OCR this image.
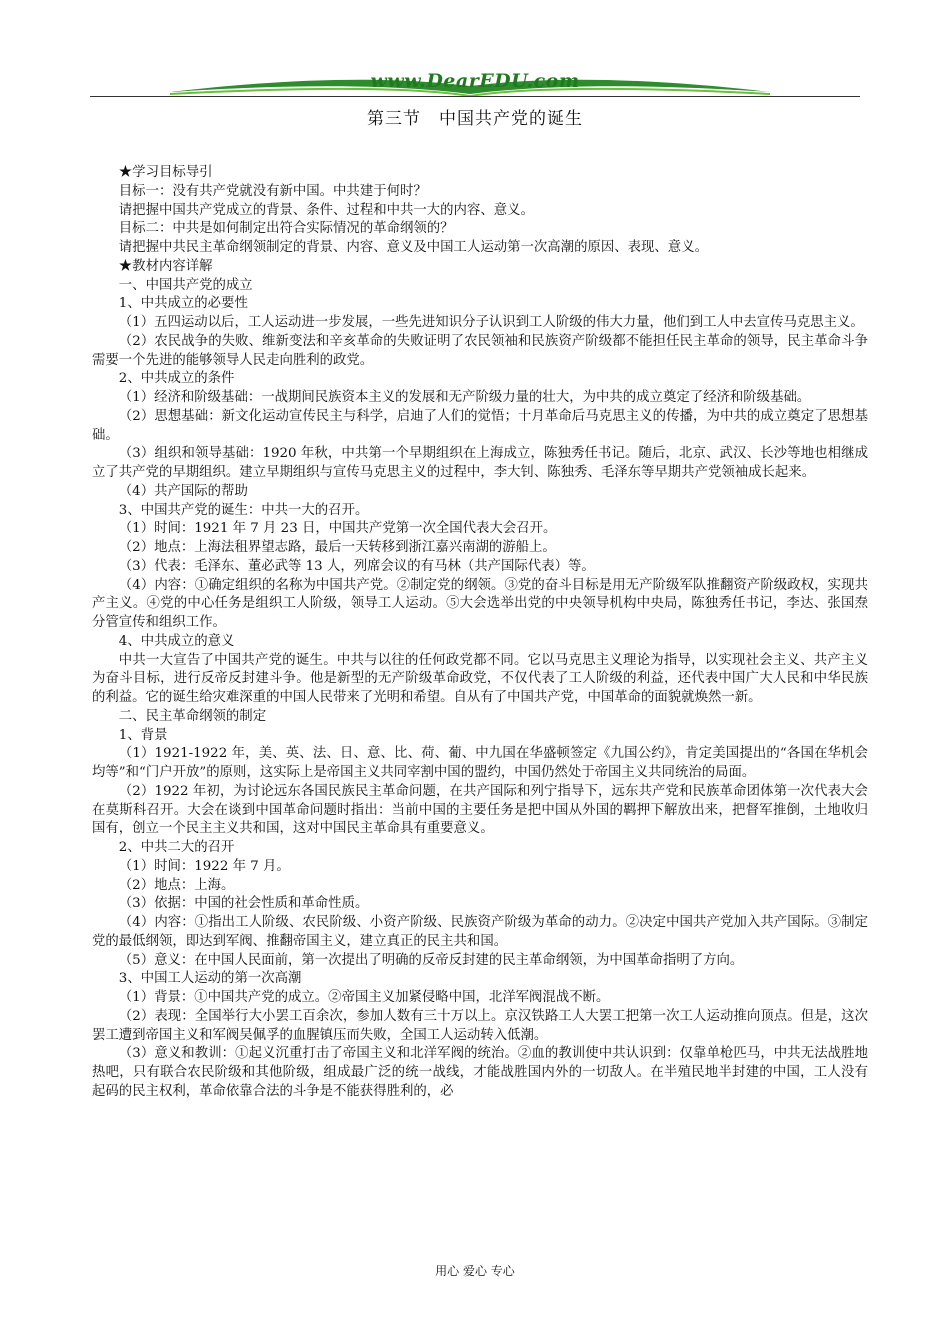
www.DearEDU.com
第三节　中国共产党的诞生

★学习目标导引

目标一：没有共产党就没有新中国。中共建于何时？

请把握中国共产党成立的背景、条件、过程和中共一大的内容、意义。

目标二：中共是如何制定出符合实际情况的革命纲领的？

请把握中共民主革命纲领制定的背景、内容、意义及中国工人运动第一次高潮的原因、表现、意义。

★教材内容详解

一、中国共产党的成立

1、中共成立的必要性

（1）五四运动以后，工人运动进一步发展，一些先进知识分子认识到工人阶级的伟大力量，他们到工人中去宣传马克思主义。

（2）农民战争的失败、维新变法和辛亥革命的失败证明了农民领袖和民族资产阶级都不能担任民主革命的领导，民主革命斗争需要一个先进的能够领导人民走向胜利的政党。

2、中共成立的条件

（1）经济和阶级基础：一战期间民族资本主义的发展和无产阶级力量的壮大，为中共的成立奠定了经济和阶级基础。

（2）思想基础：新文化运动宣传民主与科学，启迪了人们的觉悟；十月革命后马克思主义的传播，为中共的成立奠定了思想基础。

（3）组织和领导基础：1920 年秋，中共第一个早期组织在上海成立，陈独秀任书记。随后，北京、武汉、长沙等地也相继成立了共产党的早期组织。建立早期组织与宣传马克思主义的过程中，李大钊、陈独秀、毛泽东等早期共产党领袖成长起来。

（4）共产国际的帮助

3、中国共产党的诞生：中共一大的召开。

（1）时间：1921 年 7 月 23 日，中国共产党第一次全国代表大会召开。

（2）地点：上海法租界望志路，最后一天转移到浙江嘉兴南湖的游船上。

（3）代表：毛泽东、董必武等 13 人，列席会议的有马林（共产国际代表）等。

（4）内容：①确定组织的名称为中国共产党。②制定党的纲领。③党的奋斗目标是用无产阶级军队推翻资产阶级政权，实现共产主义。④党的中心任务是组织工人阶级，领导工人运动。⑤大会选举出党的中央领导机构中央局，陈独秀任书记，李达、张国焘分管宣传和组织工作。

4、中共成立的意义

中共一大宣告了中国共产党的诞生。中共与以往的任何政党都不同。它以马克思主义理论为指导，以实现社会主义、共产主义为奋斗目标，进行反帝反封建斗争。他是新型的无产阶级革命政党，不仅代表了工人阶级的利益，还代表中国广大人民和中华民族的利益。它的诞生给灾难深重的中国人民带来了光明和希望。自从有了中国共产党，中国革命的面貌就焕然一新。

二、民主革命纲领的制定

1、背景

（1）1921-1922 年，美、英、法、日、意、比、荷、葡、中九国在华盛顿签定《九国公约》，肯定美国提出的“各国在华机会均等”和“门户开放”的原则，这实际上是帝国主义共同宰割中国的盟约，中国仍然处于帝国主义共同统治的局面。

（2）1922 年初，为讨论远东各国民族民主革命问题，在共产国际和列宁指导下，远东共产党和民族革命团体第一次代表大会在莫斯科召开。大会在谈到中国革命问题时指出：当前中国的主要任务是把中国从外国的羁押下解放出来，把督军推倒，土地收归国有，创立一个民主主义共和国，这对中国民主革命具有重要意义。

2、中共二大的召开

（1）时间：1922 年 7 月。

（2）地点：上海。

（3）依据：中国的社会性质和革命性质。

（4）内容：①指出工人阶级、农民阶级、小资产阶级、民族资产阶级为革命的动力。②决定中国共产党加入共产国际。③制定党的最低纲领，即达到军阀、推翻帝国主义，建立真正的民主共和国。

（5）意义：在中国人民面前，第一次提出了明确的反帝反封建的民主革命纲领，为中国革命指明了方向。

3、中国工人运动的第一次高潮

（1）背景：①中国共产党的成立。②帝国主义加紧侵略中国，北洋军阀混战不断。

（2）表现：全国举行大小罢工百余次，参加人数有三十万以上。京汉铁路工人大罢工把第一次工人运动推向顶点。但是，这次罢工遭到帝国主义和军阀吴佩孚的血腥镇压而失败，全国工人运动转入低潮。

（3）意义和教训：①起义沉重打击了帝国主义和北洋军阀的统治。②血的教训使中共认识到：仅靠单枪匹马，中共无法战胜地热吧，只有联合农民阶级和其他阶级，组成最广泛的统一战线，才能战胜国内外的一切敌人。在半殖民地半封建的中国，工人没有起码的民主权利，革命依靠合法的斗争是不能获得胜利的，必

用心 爱心 专心
